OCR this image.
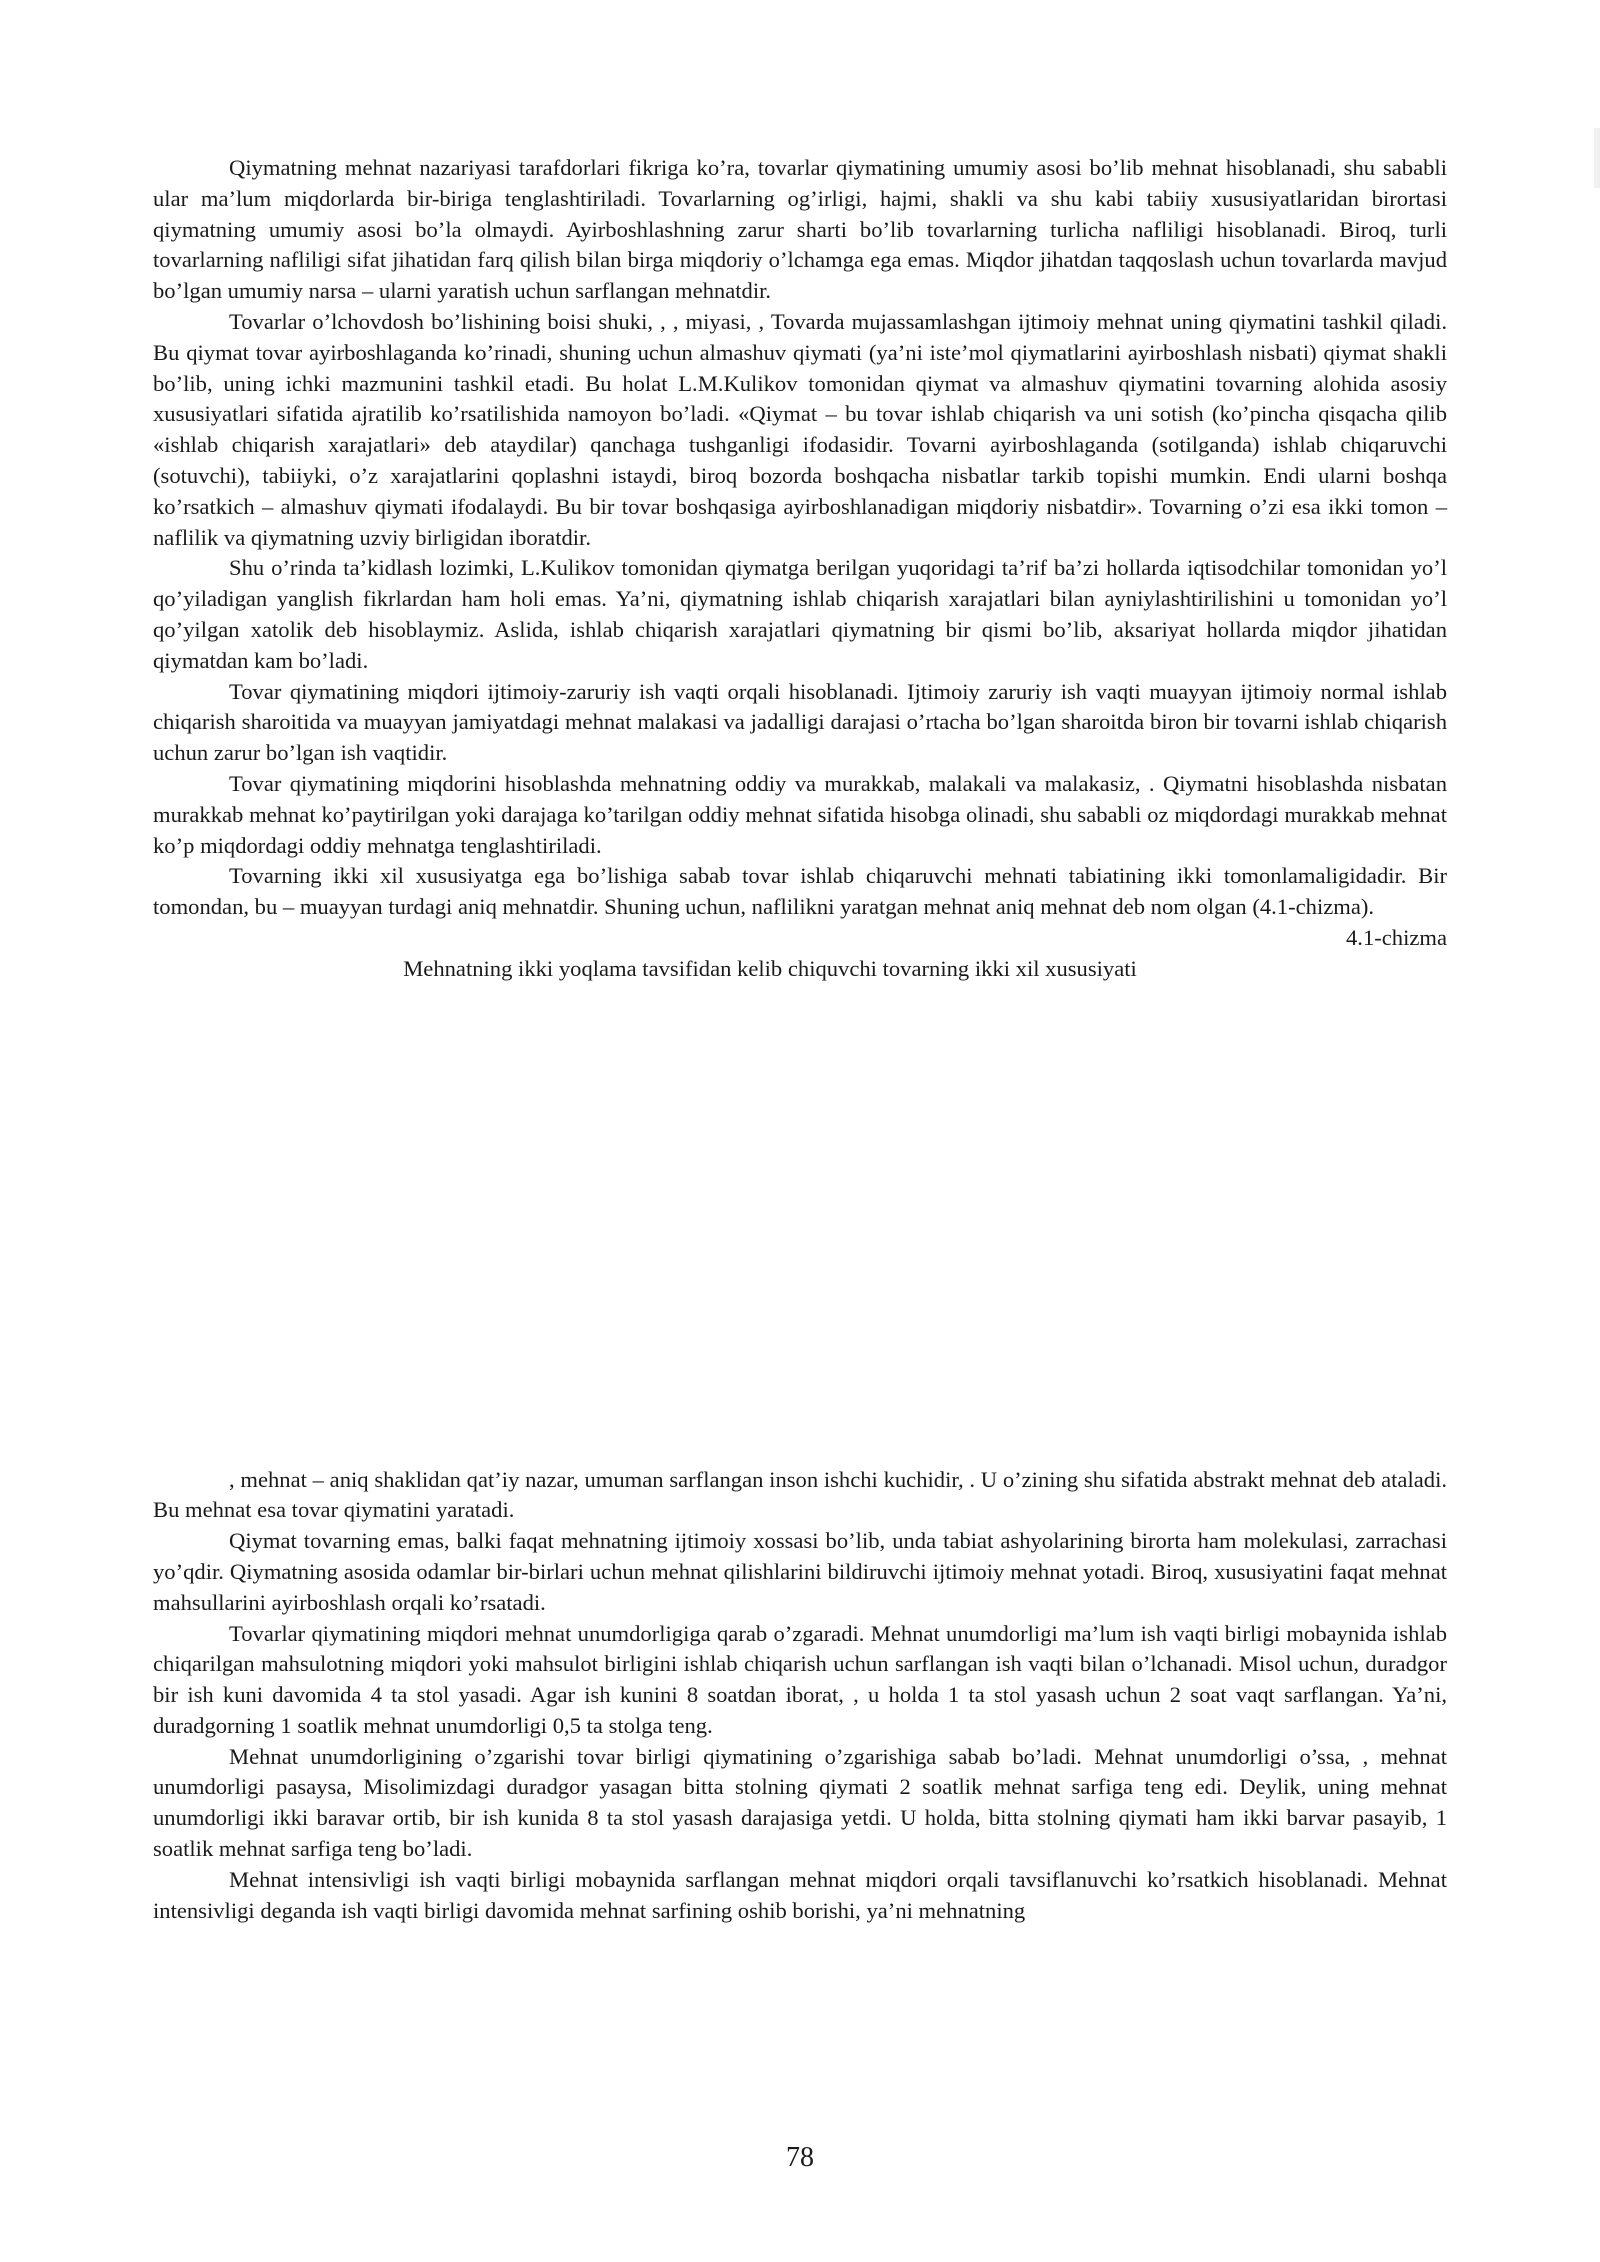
Qiymatning mehnat nazariyasi tarafdorlari fikriga ko’ra, tovarlar qiymatining umumiy asosi bo’lib mehnat hisoblanadi, shu sababli ular ma’lum miqdorlarda bir-biriga tenglashtiriladi. Tovarlarning og’irligi, hajmi, shakli va shu kabi tabiiy xususiyatlaridan birortasi qiymatning umumiy asosi bo’la olmaydi. Ayirboshlashning zarur sharti bo’lib tovarlarning turlicha nafliligi hisoblanadi. Biroq, turli tovarlarning nafliligi sifat jihatidan farq qilish bilan birga miqdoriy o’lchamga ega emas. Miqdor jihatdan taqqoslash uchun tovarlarda mavjud bo’lgan umumiy narsa – ularni yaratish uchun sarflangan mehnatdir.

Tovarlar o’lchovdosh bo’lishining boisi shuki, , , miyasi, , Tovarda mujassamlashgan ijtimoiy mehnat uning qiymatini tashkil qiladi. Bu qiymat tovar ayirboshlaganda ko’rinadi, shuning uchun almashuv qiymati (ya’ni iste’mol qiymatlarini ayirboshlash nisbati) qiymat shakli bo’lib, uning ichki mazmunini tashkil etadi. Bu holat L.M.Kulikov tomonidan qiymat va almashuv qiymatini tovarning alohida asosiy xususiyatlari sifatida ajratilib ko’rsatilishida namoyon bo’ladi. «Qiymat – bu tovar ishlab chiqarish va uni sotish (ko’pincha qisqacha qilib «ishlab chiqarish xarajatlari» deb ataydilar) qanchaga tushganligi ifodasidir. Tovarni ayirboshlaganda (sotilganda) ishlab chiqaruvchi (sotuvchi), tabiiyki, o’z xarajatlarini qoplashni istaydi, biroq bozorda boshqacha nisbatlar tarkib topishi mumkin. Endi ularni boshqa ko’rsatkich – almashuv qiymati ifodalaydi. Bu bir tovar boshqasiga ayirboshlanadigan miqdoriy nisbatdir». Tovarning o’zi esa ikki tomon – naflilik va qiymatning uzviy birligidan iboratdir.

Shu o’rinda ta’kidlash lozimki, L.Kulikov tomonidan qiymatga berilgan yuqoridagi ta’rif ba’zi hollarda iqtisodchilar tomonidan yo’l qo’yiladigan yanglish fikrlardan ham holi emas. Ya’ni, qiymatning ishlab chiqarish xarajatlari bilan ayniylashtirilishini u tomonidan yo’l qo’yilgan xatolik deb hisoblaymiz. Aslida, ishlab chiqarish xarajatlari qiymatning bir qismi bo’lib, aksariyat hollarda miqdor jihatidan qiymatdan kam bo’ladi.

Tovar qiymatining miqdori ijtimoiy-zaruriy ish vaqti orqali hisoblanadi. Ijtimoiy zaruriy ish vaqti muayyan ijtimoiy normal ishlab chiqarish sharoitida va muayyan jamiyatdagi mehnat malakasi va jadalligi darajasi o’rtacha bo’lgan sharoitda biron bir tovarni ishlab chiqarish uchun zarur bo’lgan ish vaqtidir.

Tovar qiymatining miqdorini hisoblashda mehnatning oddiy va murakkab, malakali va malakasiz, . Qiymatni hisoblashda nisbatan murakkab mehnat ko’paytirilgan yoki darajaga ko’tarilgan oddiy mehnat sifatida hisobga olinadi, shu sababli oz miqdordagi murakkab mehnat ko’p miqdordagi oddiy mehnatga tenglashtiriladi.

Tovarning ikki xil xususiyatga ega bo’lishiga sabab tovar ishlab chiqaruvchi mehnati tabiatining ikki tomonlamaligidadir. Bir tomondan, bu – muayyan turdagi aniq mehnatdir. Shuning uchun, naflilikni yaratgan mehnat aniq mehnat deb nom olgan (4.1-chizma).

4.1-chizma

Mehnatning ikki yoqlama tavsifidan kelib chiquvchi tovarning ikki xil xususiyati

, mehnat – aniq shaklidan qat’iy nazar, umuman sarflangan inson ishchi kuchidir, . U o’zining shu sifatida abstrakt mehnat deb ataladi. Bu mehnat esa tovar qiymatini yaratadi.

Qiymat tovarning emas, balki faqat mehnatning ijtimoiy xossasi bo’lib, unda tabiat ashyolarining birorta ham molekulasi, zarrachasi yo’qdir. Qiymatning asosida odamlar bir-birlari uchun mehnat qilishlarini bildiruvchi ijtimoiy mehnat yotadi. Biroq, xususiyatini faqat mehnat mahsullarini ayirboshlash orqali ko’rsatadi.

Tovarlar qiymatining miqdori mehnat unumdorligiga qarab o’zgaradi. Mehnat unumdorligi ma’lum ish vaqti birligi mobaynida ishlab chiqarilgan mahsulotning miqdori yoki mahsulot birligini ishlab chiqarish uchun sarflangan ish vaqti bilan o’lchanadi. Misol uchun, duradgor bir ish kuni davomida 4 ta stol yasadi. Agar ish kunini 8 soatdan iborat, , u holda 1 ta stol yasash uchun 2 soat vaqt sarflangan. Ya’ni, duradgorning 1 soatlik mehnat unumdorligi 0,5 ta stolga teng.

Mehnat unumdorligining o’zgarishi tovar birligi qiymatining o’zgarishiga sabab bo’ladi. Mehnat unumdorligi o’ssa, , mehnat unumdorligi pasaysa, Misolimizdagi duradgor yasagan bitta stolning qiymati 2 soatlik mehnat sarfiga teng edi. Deylik, uning mehnat unumdorligi ikki baravar ortib, bir ish kunida 8 ta stol yasash darajasiga yetdi. U holda, bitta stolning qiymati ham ikki barvar pasayib, 1 soatlik mehnat sarfiga teng bo’ladi.

Mehnat intensivligi ish vaqti birligi mobaynida sarflangan mehnat miqdori orqali tavsiflanuvchi ko’rsatkich hisoblanadi. Mehnat intensivligi deganda ish vaqti birligi davomida mehnat sarfining oshib borishi, ya’ni mehnatning

78
